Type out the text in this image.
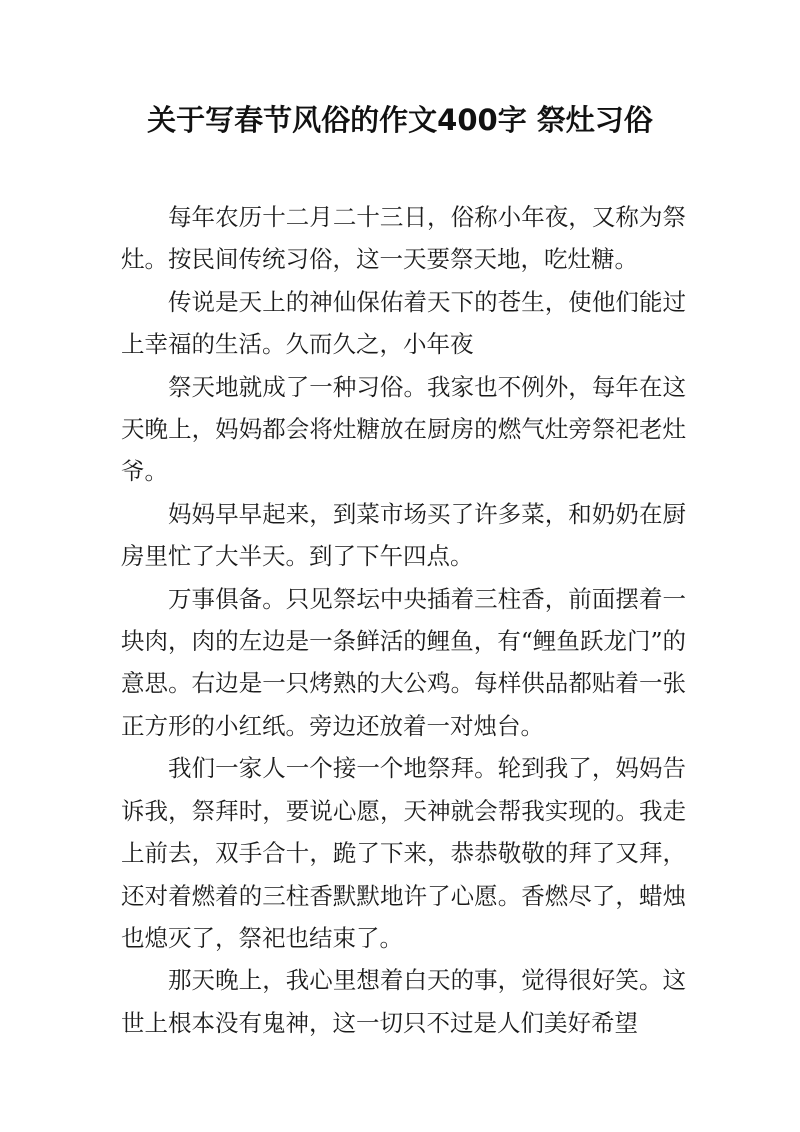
关于写春节风俗的作文400字 祭灶习俗

每年农历十二月二十三日，俗称小年夜，又称为祭灶。按民间传统习俗，这一天要祭天地，吃灶糖。

传说是天上的神仙保佑着天下的苍生，使他们能过上幸福的生活。久而久之，小年夜

祭天地就成了一种习俗。我家也不例外，每年在这天晚上，妈妈都会将灶糖放在厨房的燃气灶旁祭祀老灶爷。

妈妈早早起来，到菜市场买了许多菜，和奶奶在厨房里忙了大半天。到了下午四点。

万事俱备。只见祭坛中央插着三柱香，前面摆着一块肉，肉的左边是一条鲜活的鲤鱼，有“鲤鱼跃龙门”的意思。右边是一只烤熟的大公鸡。每样供品都贴着一张正方形的小红纸。旁边还放着一对烛台。

我们一家人一个接一个地祭拜。轮到我了，妈妈告诉我，祭拜时，要说心愿，天神就会帮我实现的。我走上前去，双手合十，跪了下来，恭恭敬敬的拜了又拜，还对着燃着的三柱香默默地许了心愿。香燃尽了，蜡烛也熄灭了，祭祀也结束了。

那天晚上，我心里想着白天的事，觉得很好笑。这世上根本没有鬼神，这一切只不过是人们美好希望
